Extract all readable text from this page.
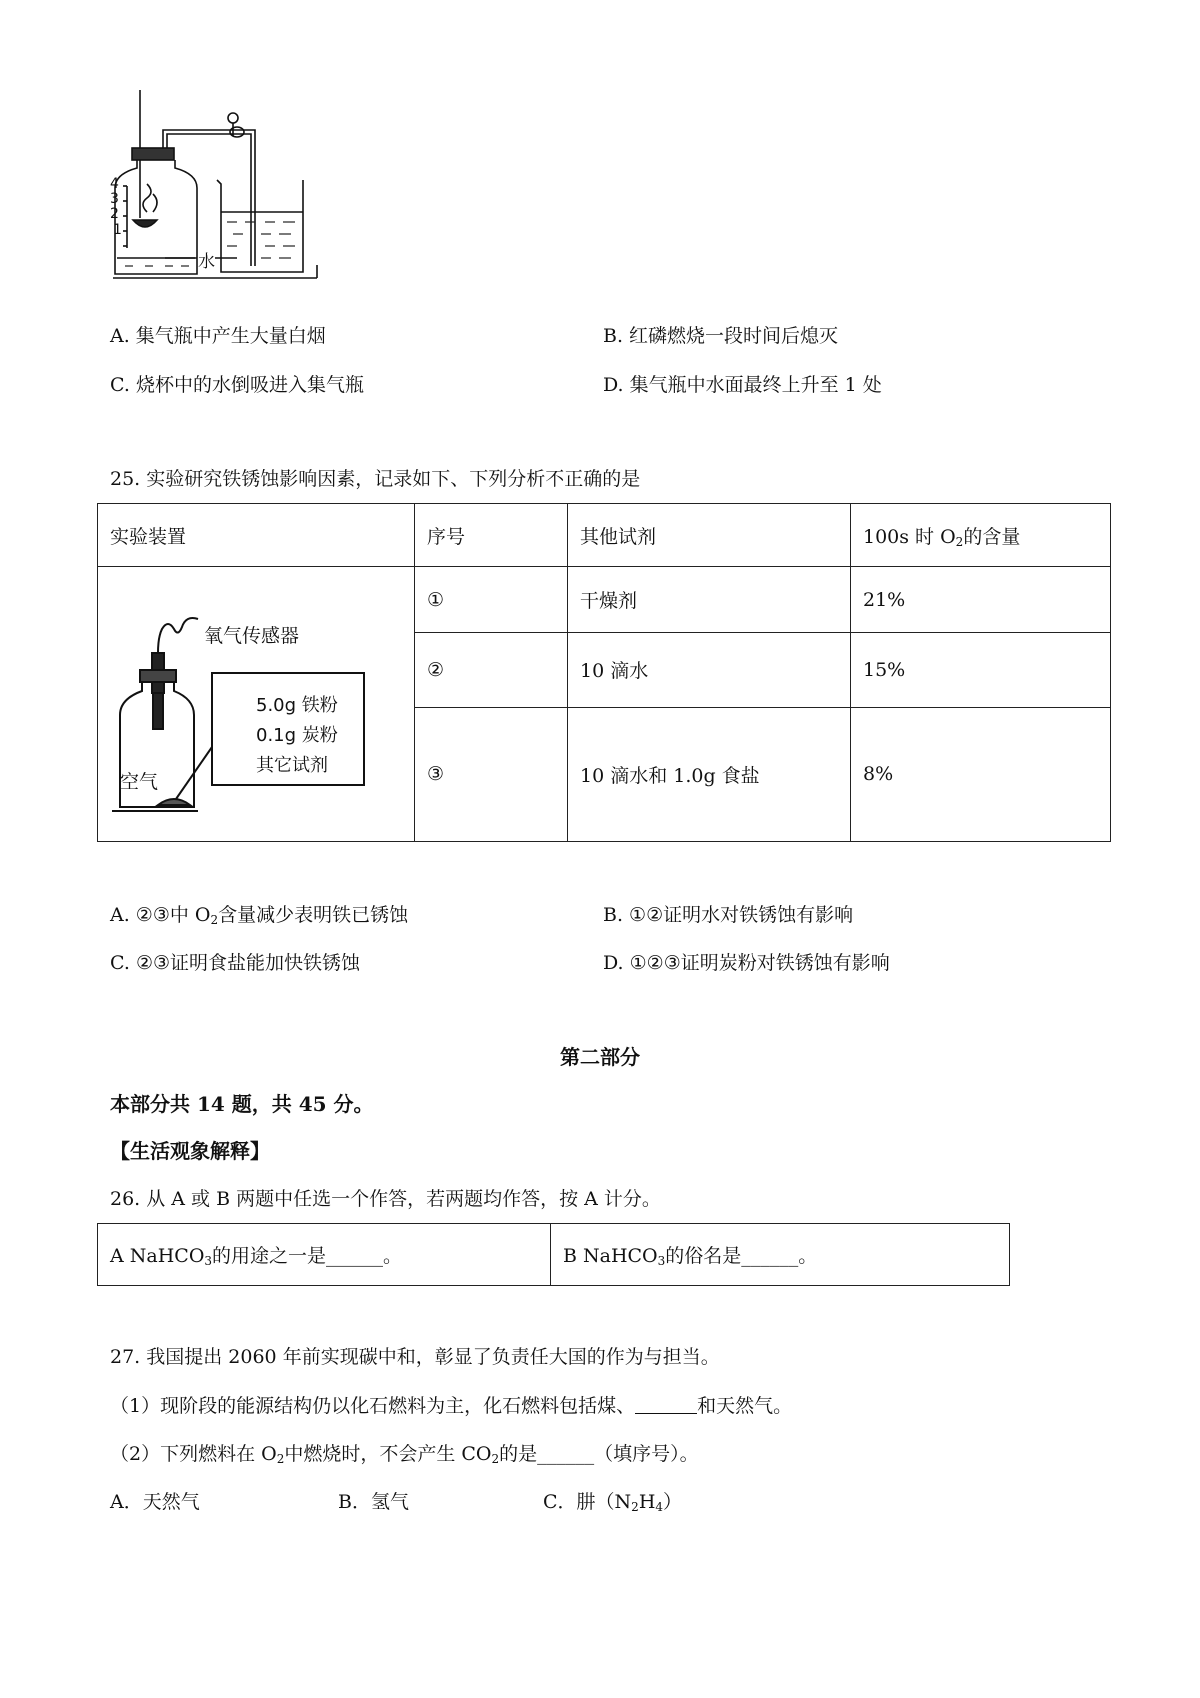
4
3
2
1
水
A. 集气瓶中产生大量白烟	B. 红磷燃烧一段时间后熄灭
C. 烧杯中的水倒吸进入集气瓶	D. 集气瓶中水面最终上升至 1 处
25. 实验研究铁锈蚀影响因素，记录如下、下列分析不正确的是
实验装置	序号	其他试剂	100s 时 $O_2$的含量

氧气传感器
5.0g 铁粉
0.1g 炭粉
其它试剂
空气	①	干燥剂	21%
	②	10 滴水	15%
	③	10 滴水和 1.0g 食盐	8%
A. ②③中 $O_2$含量减少表明铁已锈蚀	B. ①②证明水对铁锈蚀有影响
C. ②③证明食盐能加快铁锈蚀	D. ①②③证明炭粉对铁锈蚀有影响
第二部分
本部分共 14 题，共 45 分。
【生活观象解释】
26. 从 A 或 B 两题中任选一个作答，若两题均作答，按 A 计分。
A NaHCO$_3$的用途之一是______。	B NaHCO$_3$的俗名是______。
27. 我国提出 2060 年前实现碳中和，彰显了负责任大国的作为与担当。
（1）现阶段的能源结构仍以化石燃料为主，化石燃料包括煤、	和天然气。
（2）下列燃料在 $O_2$中燃烧时，不会产生 $CO_2$的是______（填序号）。
A．天然气	B．氢气	C．肼$(N_2H_4)$
